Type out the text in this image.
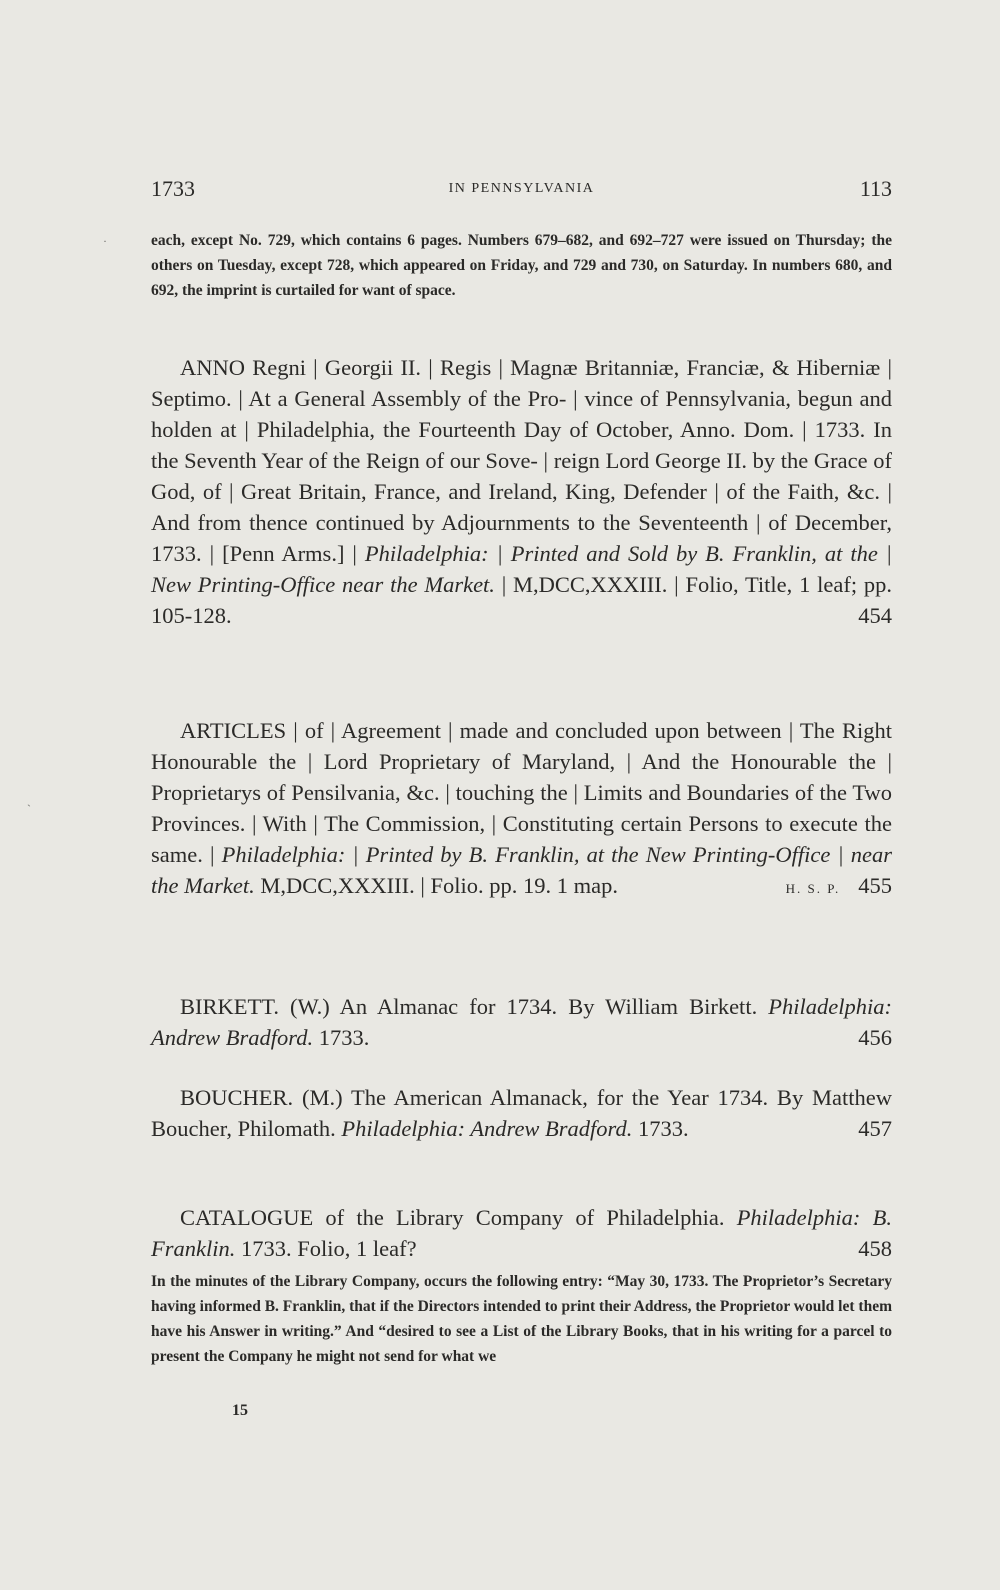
1733	IN PENNSYLVANIA	113
each, except No. 729, which contains 6 pages. Numbers 679–682, and 692–727 were issued on Thursday; the others on Tuesday, except 728, which appeared on Friday, and 729 and 730, on Saturday. In numbers 680, and 692, the imprint is curtailed for want of space.

ANNO Regni | Georgii II. | Regis | Magnæ Britanniæ, Franciæ, & Hiberniæ | Septimo. | At a General Assembly of the Pro- | vince of Pennsylvania, begun and holden at | Philadelphia, the Fourteenth Day of October, Anno. Dom. | 1733. In the Seventh Year of the Reign of our Sove- | reign Lord George II. by the Grace of God, of | Great Britain, France, and Ireland, King, Defender | of the Faith, &c. | And from thence continued by Adjournments to the Seventeenth | of December, 1733. | [Penn Arms.] | Philadelphia: | Printed and Sold by B. Franklin, at the | New Printing-Office near the Market. | M,DCC,XXXIII. | Folio, Title, 1 leaf; pp. 105-128.	454

ARTICLES | of | Agreement | made and concluded upon between | The Right Honourable the | Lord Proprietary of Maryland, | And the Honourable the | Proprietarys of Pensilvania, &c. | touching the | Limits and Boundaries of the Two Provinces. | With | The Commission, | Constituting certain Persons to execute the same. | Philadelphia: | Printed by B. Franklin, at the New Printing-Office | near the Market. M,DCC,XXXIII. | Folio. pp. 19. 1 map.	H. S. P. 455

BIRKETT. (W.) An Almanac for 1734. By William Birkett. Philadelphia: Andrew Bradford. 1733.	456

BOUCHER. (M.) The American Almanack, for the Year 1734. By Matthew Boucher, Philomath. Philadelphia: Andrew Bradford. 1733.	457

CATALOGUE of the Library Company of Philadelphia. Philadelphia: B. Franklin. 1733. Folio, 1 leaf?	458
In the minutes of the Library Company, occurs the following entry: “May 30, 1733. The Proprietor’s Secretary having informed B. Franklin, that if the Directors intended to print their Address, the Proprietor would let them have his Answer in writing.” And “desired to see a List of the Library Books, that in his writing for a parcel to present the Company he might not send for what we
15
·
ˋ
